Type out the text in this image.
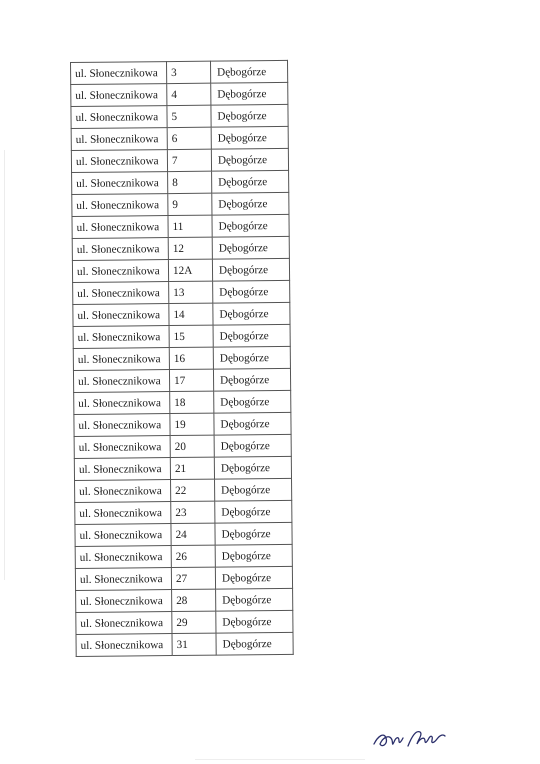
ul. Słonecznikowa	3	Dębogórze
ul. Słonecznikowa	4	Dębogórze
ul. Słonecznikowa	5	Dębogórze
ul. Słonecznikowa	6	Dębogórze
ul. Słonecznikowa	7	Dębogórze
ul. Słonecznikowa	8	Dębogórze
ul. Słonecznikowa	9	Dębogórze
ul. Słonecznikowa	11	Dębogórze
ul. Słonecznikowa	12	Dębogórze
ul. Słonecznikowa	12A	Dębogórze
ul. Słonecznikowa	13	Dębogórze
ul. Słonecznikowa	14	Dębogórze
ul. Słonecznikowa	15	Dębogórze
ul. Słonecznikowa	16	Dębogórze
ul. Słonecznikowa	17	Dębogórze
ul. Słonecznikowa	18	Dębogórze
ul. Słonecznikowa	19	Dębogórze
ul. Słonecznikowa	20	Dębogórze
ul. Słonecznikowa	21	Dębogórze
ul. Słonecznikowa	22	Dębogórze
ul. Słonecznikowa	23	Dębogórze
ul. Słonecznikowa	24	Dębogórze
ul. Słonecznikowa	26	Dębogórze
ul. Słonecznikowa	27	Dębogórze
ul. Słonecznikowa	28	Dębogórze
ul. Słonecznikowa	29	Dębogórze
ul. Słonecznikowa	31	Dębogórze
